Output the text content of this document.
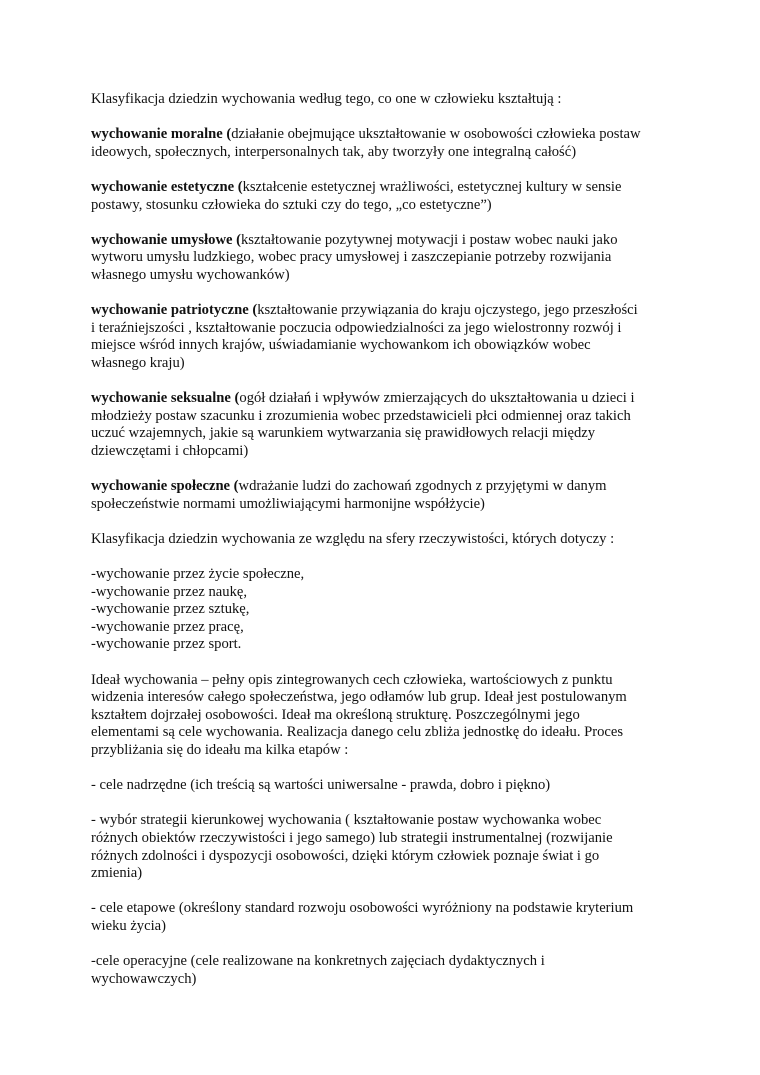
Klasyfikacja dziedzin wychowania według tego, co one w człowieku kształtują :

wychowanie moralne (działanie obejmujące ukształtowanie w osobowości człowieka postaw
ideowych, społecznych, interpersonalnych tak, aby tworzyły one integralną całość)
wychowanie estetyczne (kształcenie estetycznej wrażliwości, estetycznej kultury w sensie
postawy, stosunku człowieka do sztuki czy do tego, „co estetyczne”)
wychowanie umysłowe (kształtowanie pozytywnej motywacji i postaw wobec nauki jako
wytworu umysłu ludzkiego, wobec pracy umysłowej i zaszczepianie potrzeby rozwijania
własnego umysłu wychowanków)
wychowanie patriotyczne (kształtowanie przywiązania do kraju ojczystego, jego przeszłości
i teraźniejszości , kształtowanie poczucia odpowiedzialności za jego wielostronny rozwój i
miejsce wśród innych krajów, uświadamianie wychowankom ich obowiązków wobec
własnego kraju)
wychowanie seksualne (ogół działań i wpływów zmierzających do ukształtowania u dzieci i
młodzieży postaw szacunku i zrozumienia wobec przedstawicieli płci odmiennej oraz takich
uczuć wzajemnych, jakie są warunkiem wytwarzania się prawidłowych relacji między
dziewczętami i chłopcami)
wychowanie społeczne (wdrażanie ludzi do zachowań zgodnych z przyjętymi w danym
społeczeństwie normami umożliwiającymi harmonijne współżycie)

Klasyfikacja dziedzin wychowania ze względu na sfery rzeczywistości, których dotyczy :

-wychowanie przez życie społeczne,
-wychowanie przez naukę,
-wychowanie przez sztukę,
-wychowanie przez pracę,
-wychowanie przez sport.
Ideał wychowania – pełny opis zintegrowanych cech człowieka, wartościowych z punktu
widzenia interesów całego społeczeństwa, jego odłamów lub grup. Ideał jest postulowanym
kształtem dojrzałej osobowości. Ideał ma określoną strukturę. Poszczególnymi jego
elementami są cele wychowania. Realizacja danego celu zbliża jednostkę do ideału. Proces
przybliżania się do ideału ma kilka etapów :
- cele nadrzędne (ich treścią są wartości uniwersalne - prawda, dobro i piękno)
- wybór strategii kierunkowej wychowania ( kształtowanie postaw wychowanka wobec
różnych obiektów rzeczywistości i jego samego) lub strategii instrumentalnej (rozwijanie
różnych zdolności i dyspozycji osobowości, dzięki którym człowiek poznaje świat i go
zmienia)
- cele etapowe (określony standard rozwoju osobowości wyróżniony na podstawie kryterium
wieku życia)
-cele operacyjne (cele realizowane na konkretnych zajęciach dydaktycznych i
wychowawczych)
